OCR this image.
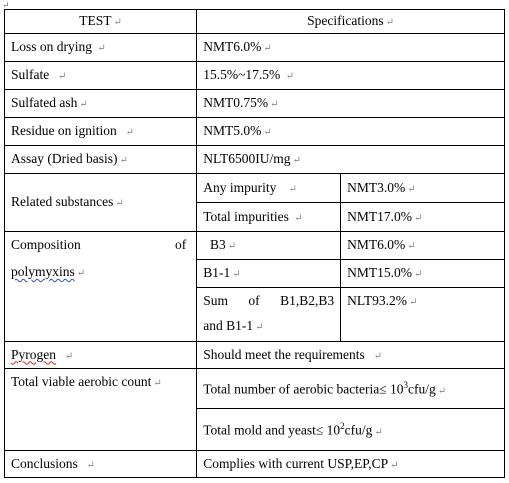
↵
TEST ↵	Specifications ↵	
Loss on drying ↵	NMT6.0% ↵	
Sulfate ↵	15.5%~17.5% ↵	
Sulfated ash ↵	NMT0.75% ↵	
Residue on ignition ↵	NMT5.0% ↵	
Assay (Dried basis) ↵	NLT6500IU/mg ↵	
Related substances ↵	Any impurity ↵	NMT3.0% ↵
	Total impurities ↵	NMT17.0% ↵

Composition of
polymyxins ↵	B3 ↵	NMT6.0% ↵
	B1-1 ↵	NMT15.0% ↵

	Sum of B1,B2,B3
and B1-1 ↵	NLT93.2% ↵
Pyrogen ↵	Should meet the requirements ↵	
Total viable aerobic count ↵	Total number of aerobic bacteria≤ $10^3cfu/g$ ↵	
	Total mold and yeast≤ $10^2cfu/g$ ↵	
Conclusions ↵	Complies with current USP,EP,CP ↵	
